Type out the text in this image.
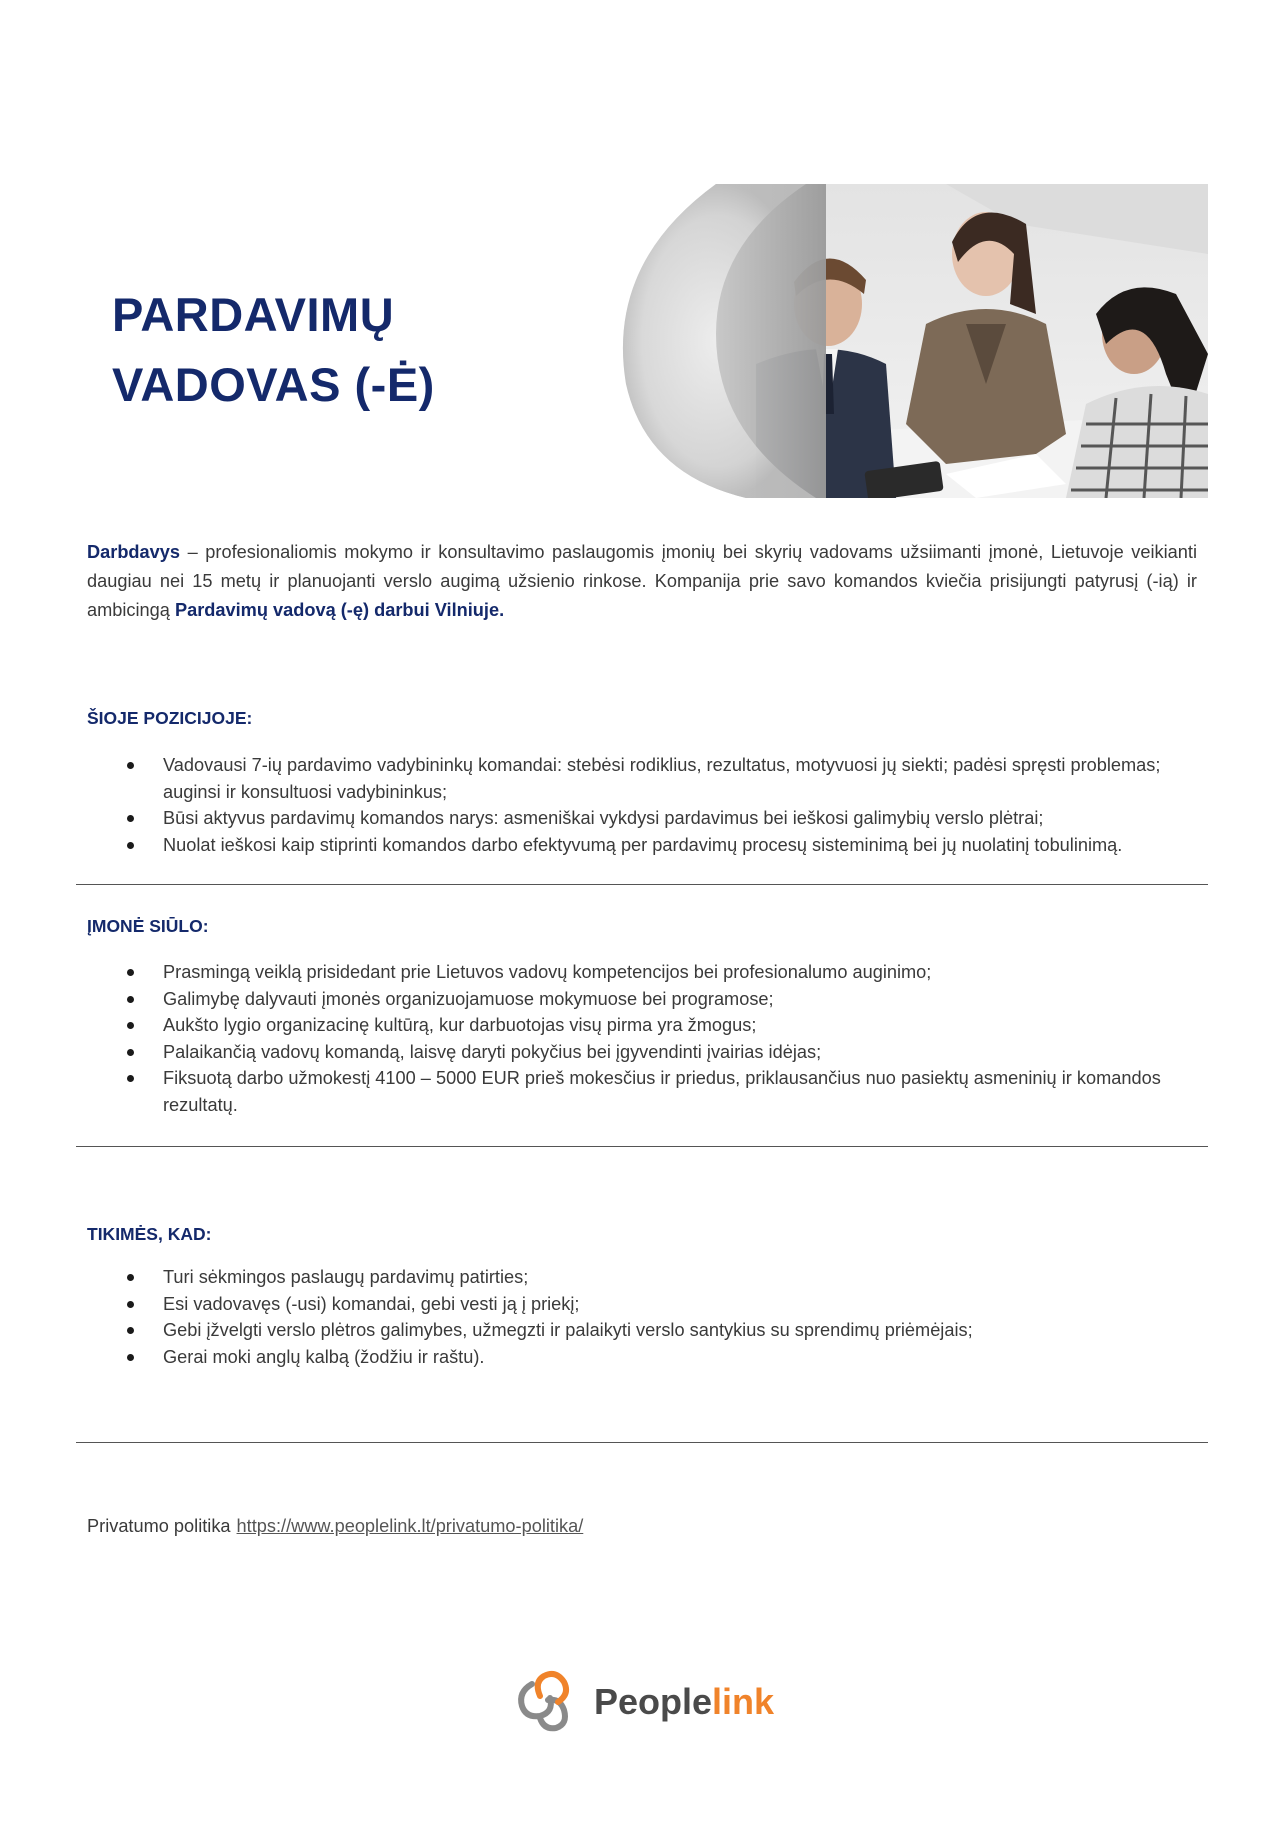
PARDAVIMŲ
VADOVAS (-Ė)

Darbdavys – profesionaliomis mokymo ir konsultavimo paslaugomis įmonių bei skyrių vadovams užsiimanti įmonė, Lietuvoje veikianti daugiau nei 15 metų ir planuojanti verslo augimą užsienio rinkose. Kompanija prie savo komandos kviečia prisijungti patyrusį (-ią) ir ambicingą Pardavimų vadovą (-ę) darbui Vilniuje.

ŠIOJE POZICIJOJE:
Vadovausi 7-ių pardavimo vadybininkų komandai: stebėsi rodiklius, rezultatus, motyvuosi jų siekti; padėsi spręsti problemas; auginsi ir konsultuosi vadybininkus;
Būsi aktyvus pardavimų komandos narys: asmeniškai vykdysi pardavimus bei ieškosi galimybių verslo plėtrai;
Nuolat ieškosi kaip stiprinti komandos darbo efektyvumą per pardavimų procesų sisteminimą bei jų nuolatinį tobulinimą.
ĮMONĖ SIŪLO:
Prasmingą veiklą prisidedant prie Lietuvos vadovų kompetencijos bei profesionalumo auginimo;
Galimybę dalyvauti įmonės organizuojamuose mokymuose bei programose;
Aukšto lygio organizacinę kultūrą, kur darbuotojas visų pirma yra žmogus;
Palaikančią vadovų komandą, laisvę daryti pokyčius bei įgyvendinti įvairias idėjas;
Fiksuotą darbo užmokestį 4100 – 5000 EUR prieš mokesčius ir priedus, priklausančius nuo pasiektų asmeninių ir komandos rezultatų.
TIKIMĖS, KAD:
Turi sėkmingos paslaugų pardavimų patirties;
Esi vadovavęs (-usi) komandai, gebi vesti ją į priekį;
Gebi įžvelgti verslo plėtros galimybes, užmegzti ir palaikyti verslo santykius su sprendimų priėmėjais;
Gerai moki anglų kalbą (žodžiu ir raštu).

Privatumo politika https://www.peoplelink.lt/privatumo-politika/

Peoplelink
